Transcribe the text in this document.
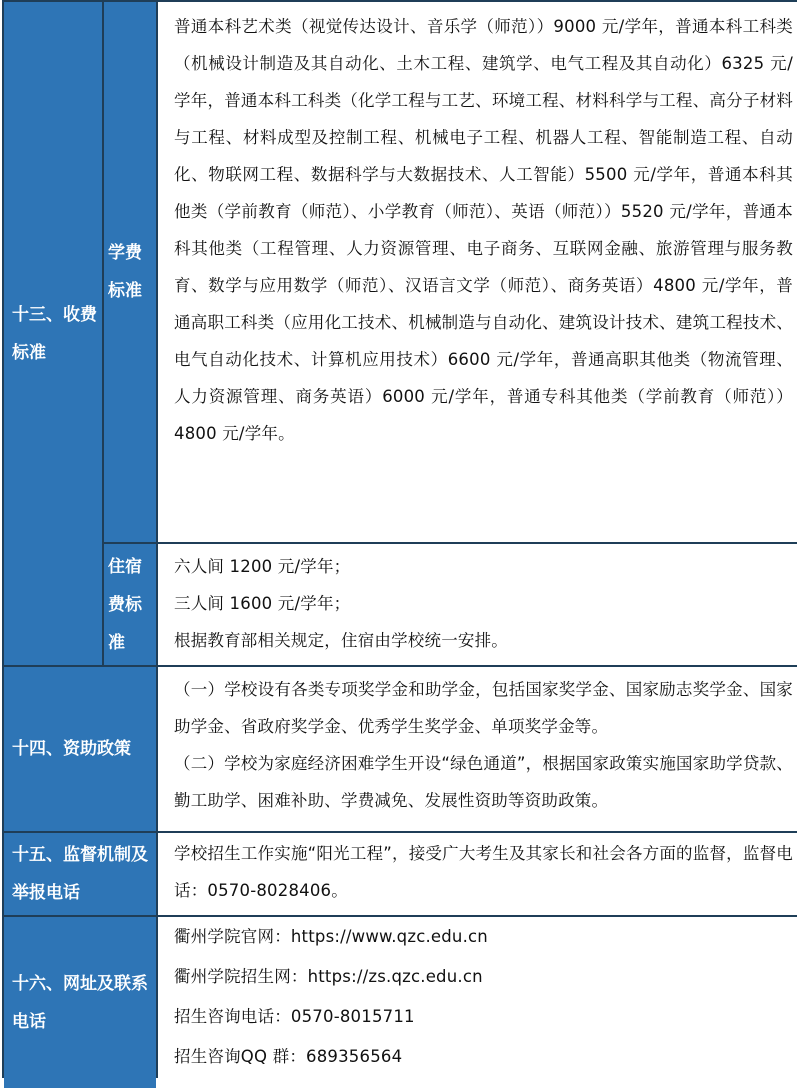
十三、收费标准
学费标准

普通本科艺术类（视觉传达设计、音乐学（师范））9000 元/学年，普通本科工科类（机械设计制造及其自动化、土木工程、建筑学、电气工程及其自动化）6325 元/学年，普通本科工科类（化学工程与工艺、环境工程、材料科学与工程、高分子材料与工程、材料成型及控制工程、机械电子工程、机器人工程、智能制造工程、自动化、物联网工程、数据科学与大数据技术、人工智能）5500 元/学年，普通本科其他类（学前教育（师范）、小学教育（师范）、英语（师范））5520 元/学年，普通本科其他类（工程管理、人力资源管理、电子商务、互联网金融、旅游管理与服务教育、数学与应用数学（师范）、汉语言文学（师范）、商务英语）4800 元/学年，普通高职工科类（应用化工技术、机械制造与自动化、建筑设计技术、建筑工程技术、电气自动化技术、计算机应用技术）6600 元/学年，普通高职其他类（物流管理、人力资源管理、商务英语）6000 元/学年，普通专科其他类（学前教育（师范））4800 元/学年。

住宿费标准

六人间 1200 元/学年；

三人间 1600 元/学年；

根据教育部相关规定，住宿由学校统一安排。

十四、资助政策

（一）学校设有各类专项奖学金和助学金，包括国家奖学金、国家励志奖学金、国家助学金、省政府奖学金、优秀学生奖学金、单项奖学金等。

（二）学校为家庭经济困难学生开设“绿色通道”，根据国家政策实施国家助学贷款、勤工助学、困难补助、学费减免、发展性资助等资助政策。

十五、监督机制及举报电话

学校招生工作实施“阳光工程”，接受广大考生及其家长和社会各方面的监督，监督电话：0570-8028406。

十六、网址及联系电话

衢州学院官网：https://www.qzc.edu.cn

衢州学院招生网：https://zs.qzc.edu.cn

招生咨询电话：0570-8015711

招生咨询QQ 群：689356564
